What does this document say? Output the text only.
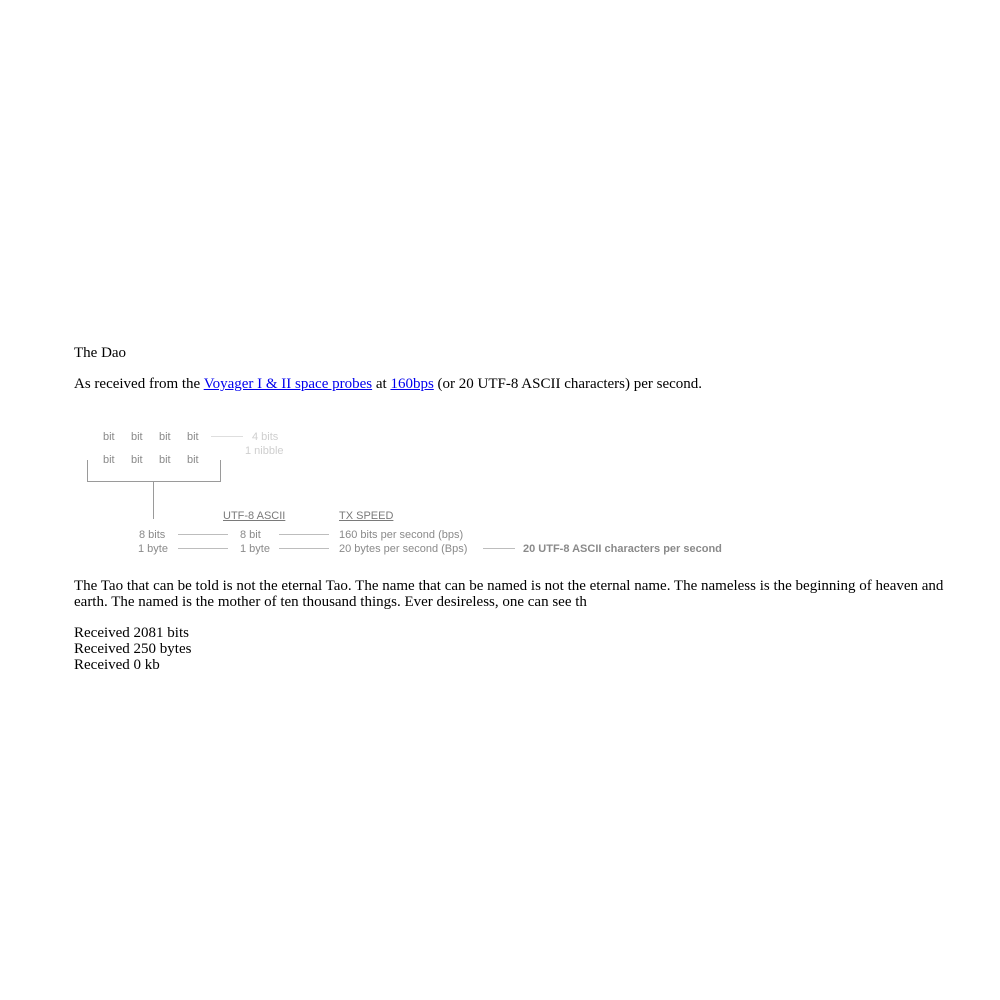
The Dao
As received from the Voyager I & II space probes at 160bps (or 20 UTF-8 ASCII characters) per second.
bit bit bit bit	4 bits
1 nibble
bit bit bit bit
UTF-8 ASCII	TX SPEED
8 bits	8 bit	160 bits per second (bps)
1 byte	1 byte	20 bytes per second (Bps)	20 UTF-8 ASCII characters per second
The Tao that can be told is not the eternal Tao. The name that can be named is not the eternal name. The nameless is the beginning of heaven and earth. The named is the mother of ten thousand things. Ever desireless, one can see th
Received 2081 bits
Received 250 bytes
Received 0 kb
